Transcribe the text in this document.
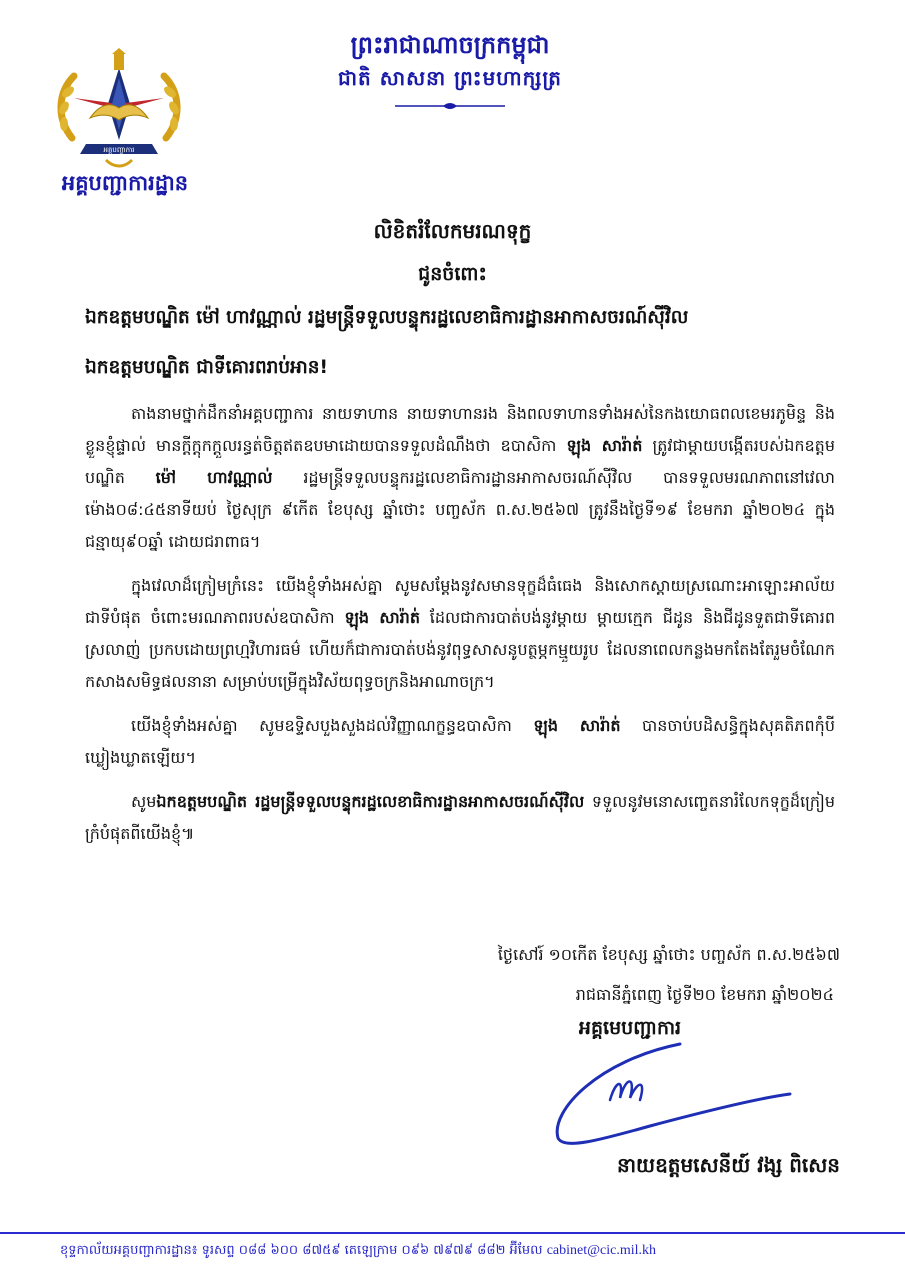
អគ្គបញ្ជាការ
អគ្គបញ្ជាការដ្ឋាន
ព្រះរាជាណាចក្រកម្ពុជា
ជាតិ សាសនា ព្រះមហាក្សត្រ
លិខិតរំលែកមរណទុក្ខ
ជូនចំពោះ
ឯកឧត្តមបណ្ឌិត ម៉ៅ ហាវណ្ណាល់ រដ្ឋមន្ត្រីទទួលបន្ទុករដ្ឋលេខាធិការដ្ឋានអាកាសចរណ៍ស៊ីវិល
ឯកឧត្តមបណ្ឌិត ជាទីគោរពរាប់អាន!

តាងនាមថ្នាក់ដឹកនាំអគ្គបញ្ជាការ នាយទាហាន នាយទាហានរង និងពលទាហានទាំងអស់នៃកងយោធពលខេមរភូមិន្ទ និងខ្លួនខ្ញុំផ្ទាល់ មានក្តីក្តុកក្តួលរន្ធត់ចិត្តឥតឧបមាដោយបានទទួលដំណឹងថា ឧបាសិកា ឡុង សារ៉ាត់ ត្រូវជាម្តាយបង្កើតរបស់ឯកឧត្តមបណ្ឌិត ម៉ៅ ហាវណ្ណាល់ រដ្ឋមន្ត្រីទទួលបន្ទុករដ្ឋលេខាធិការដ្ឋានអាកាសចរណ៍ស៊ីវិល បានទទួលមរណភាពនៅវេលាម៉ោង០៨:៤៥នាទីយប់ ថ្ងៃសុក្រ ៩កើត ខែបុស្ស ឆ្នាំថោះ បញ្ចស័ក ព.ស.២៥៦៧ ត្រូវនឹងថ្ងៃទី១៩ ខែមករា ឆ្នាំ២០២៤ ក្នុងជន្មាយុ៩០ឆ្នាំ ដោយជរាពាធ។

ក្នុងវេលាដ៏ក្រៀមក្រំនេះ យើងខ្ញុំទាំងអស់គ្នា សូមសម្តែងនូវសមានទុក្ខដ៏ធំធេង និងសោកស្តាយស្រណោះអាឡោះអាល័យជាទីបំផុត ចំពោះមរណភាពរបស់ឧបាសិកា ឡុង សារ៉ាត់ ដែលជាការបាត់បង់នូវម្តាយ ម្តាយក្មេក ជីដូន និងជីដូនទួតជាទីគោរពស្រលាញ់ ប្រកបដោយព្រហ្មវិហារធម៌ ហើយក៏ជាការបាត់បង់នូវពុទ្ធសាសនូបត្ថម្ភកម្មួយរូប ដែលនាពេលកន្លងមកតែងតែរួមចំណែកកសាងសមិទ្ធផលនានា សម្រាប់បម្រើក្នុងវិស័យពុទ្ធចក្រនិងអាណាចក្រ។

យើងខ្ញុំទាំងអស់គ្នា សូមឧទ្ទិសបួងសួងដល់វិញ្ញាណក្ខន្ធឧបាសិកា ឡុង សារ៉ាត់ បានចាប់បដិសន្ធិក្នុងសុគតិភពកុំបីឃ្លៀងឃ្លាតឡើយ។

សូមឯកឧត្តមបណ្ឌិត រដ្ឋមន្ត្រីទទួលបន្ទុករដ្ឋលេខាធិការដ្ឋានអាកាសចរណ៍ស៊ីវិល ទទួលនូវមនោសញ្ចេតនារំលែកទុក្ខដ៏ក្រៀមក្រំបំផុតពីយើងខ្ញុំ៕

ថ្ងៃសៅរ៍ ១០កើត ខែបុស្ស ឆ្នាំថោះ បញ្ចស័ក ព.ស.២៥៦៧
រាជធានីភ្នំពេញ ថ្ងៃទី២០ ខែមករា ឆ្នាំ២០២៤
អគ្គមេបញ្ជាការ
នាយឧត្តមសេនីយ៍ វង្ស ពិសេន
ខុទ្ទកាល័យអគ្គបញ្ជាការដ្ឋាន៖ ទូរសព្ទ ០៨៨ ៦០០ ៨៧៥៩ តេឡេក្រាម ០៩៦ ៧៩៧៩ ៨៨២ អ៊ីមែល cabinet@cic.mil.kh
